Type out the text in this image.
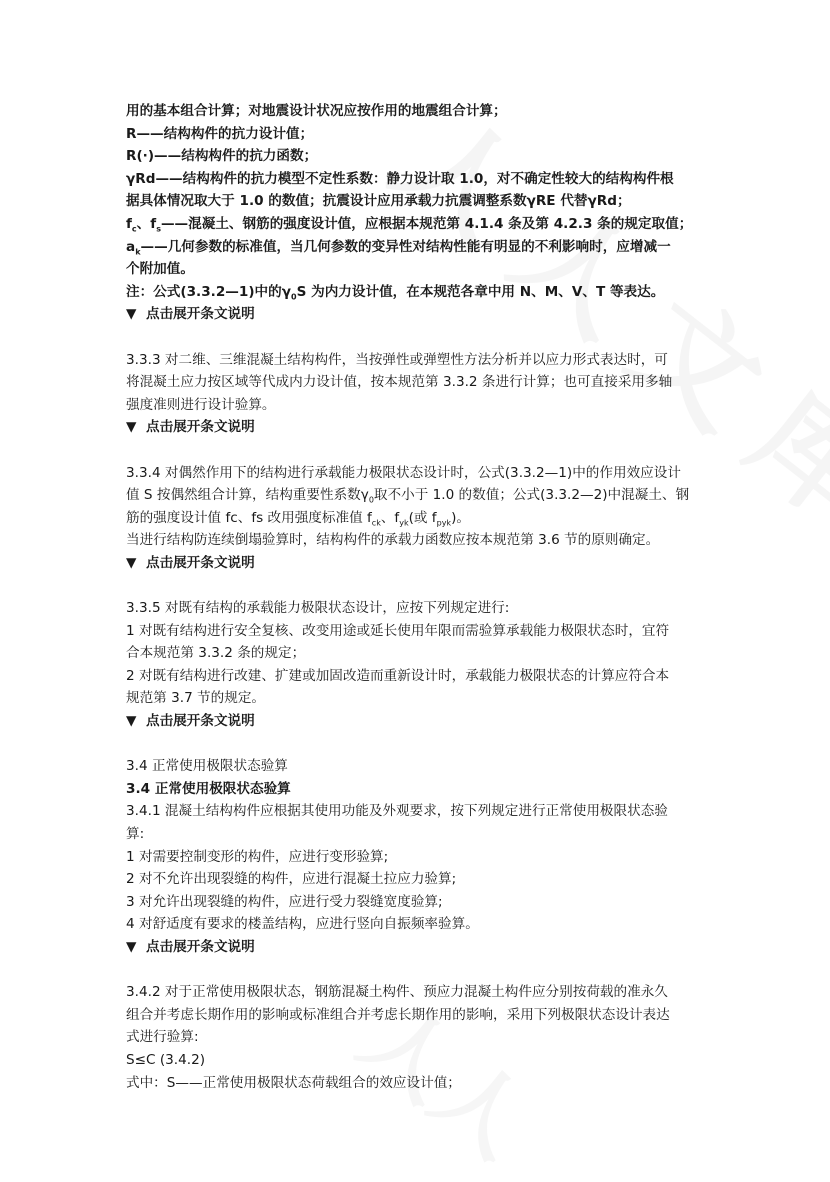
用的基本组合计算；对地震设计状况应按作用的地震组合计算；

R——结构构件的抗力设计值；

R(·)——结构构件的抗力函数；

γRd——结构构件的抗力模型不定性系数：静力设计取 1.0，对不确定性较大的结构构件根

据具体情况取大于 1.0 的数值；抗震设计应用承载力抗震调整系数γRE 代替γRd；

$f_c$、$f_s——$混凝土、钢筋的强度设计值，应根据本规范第 4.1.4 条及第 4.2.3 条的规定取值；

$a_k——$几何参数的标准值，当几何参数的变异性对结构性能有明显的不利影响时，应增减一

个附加值。

注：公式(3.3.2—1)中的$\gamma_0S$ 为内力设计值，在本规范各章中用 N、M、V、T 等表达。

▼ 点击展开条文说明

3.3.3 对二维、三维混凝土结构构件，当按弹性或弹塑性方法分析并以应力形式表达时，可

将混凝土应力按区域等代成内力设计值，按本规范第 3.3.2 条进行计算；也可直接采用多轴

强度准则进行设计验算。

▼ 点击展开条文说明

3.3.4 对偶然作用下的结构进行承载能力极限状态设计时，公式(3.3.2—1)中的作用效应设计

值 S 按偶然组合计算，结构重要性系数$\gamma_0$取不小于 1.0 的数值；公式(3.3.2—2)中混凝土、钢

筋的强度设计值 fc、fs 改用强度标准值 $f_{ck}$、$f_{yk}$(或 $f_{pyk}$)。

当进行结构防连续倒塌验算时，结构构件的承载力函数应按本规范第 3.6 节的原则确定。

▼ 点击展开条文说明

3.3.5 对既有结构的承载能力极限状态设计，应按下列规定进行:

1 对既有结构进行安全复核、改变用途或延长使用年限而需验算承载能力极限状态时，宜符

合本规范第 3.3.2 条的规定；

2 对既有结构进行改建、扩建或加固改造而重新设计时，承载能力极限状态的计算应符合本

规范第 3.7 节的规定。

▼ 点击展开条文说明

3.4 正常使用极限状态验算

3.4 正常使用极限状态验算

3.4.1 混凝土结构构件应根据其使用功能及外观要求，按下列规定进行正常使用极限状态验

算:

1 对需要控制变形的构件，应进行变形验算;

2 对不允许出现裂缝的构件，应进行混凝土拉应力验算;

3 对允许出现裂缝的构件，应进行受力裂缝宽度验算;

4 对舒适度有要求的楼盖结构，应进行竖向自振频率验算。

▼ 点击展开条文说明

3.4.2 对于正常使用极限状态，钢筋混凝土构件、预应力混凝土构件应分别按荷载的准永久

组合并考虑长期作用的影响或标准组合并考虑长期作用的影响，采用下列极限状态设计表达

式进行验算:

S≤C (3.4.2)

式中：S——正常使用极限状态荷载组合的效应设计值；
